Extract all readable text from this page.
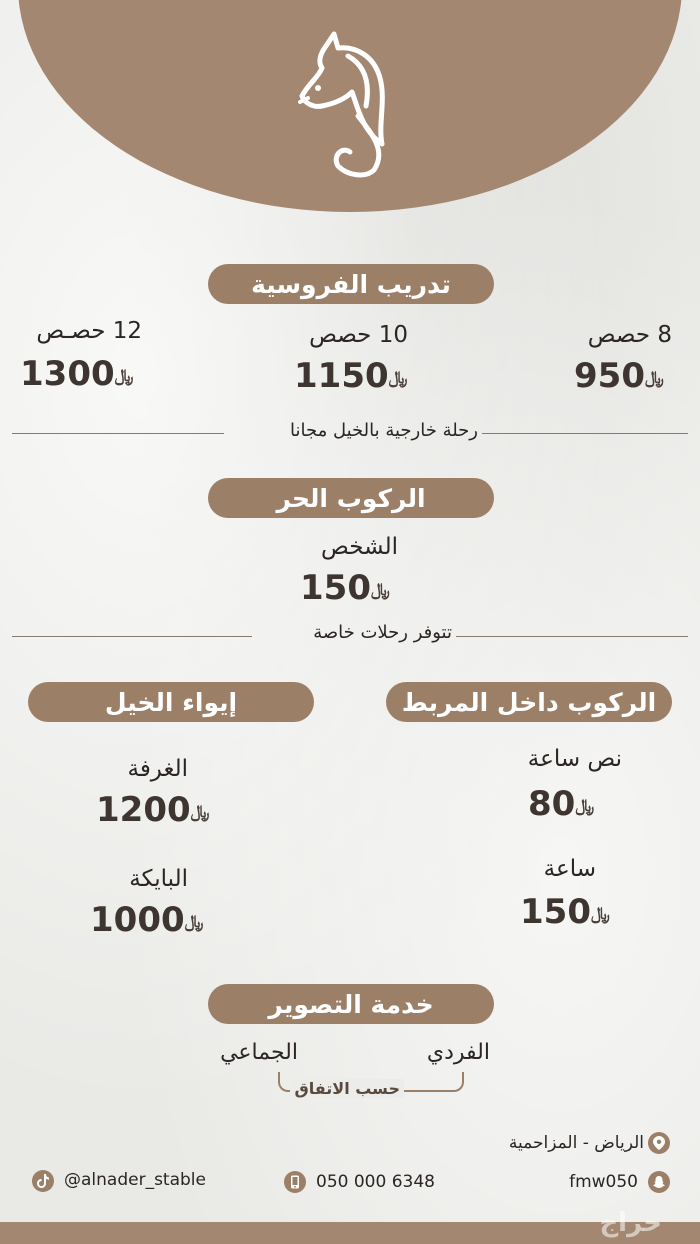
تدريب الفروسية
8 حصص
﷼950
10 حصص
﷼1150
12 حصـص
﷼1300
رحلة خارجية بالخيل مجانا
الركوب الحر
الشخص
﷼150
تتوفر رحلات خاصة
الركوب داخل المربط
نص ساعة
﷼80
ساعة
﷼150
إيواء الخيل
الغرفة
﷼1200
البايكة
﷼1000
خدمة التصوير
الفردي
الجماعي
حسب الاتفاق
الرياض - المزاحمية
fmw050
050 000 6348
@alnader_stable
حراج
